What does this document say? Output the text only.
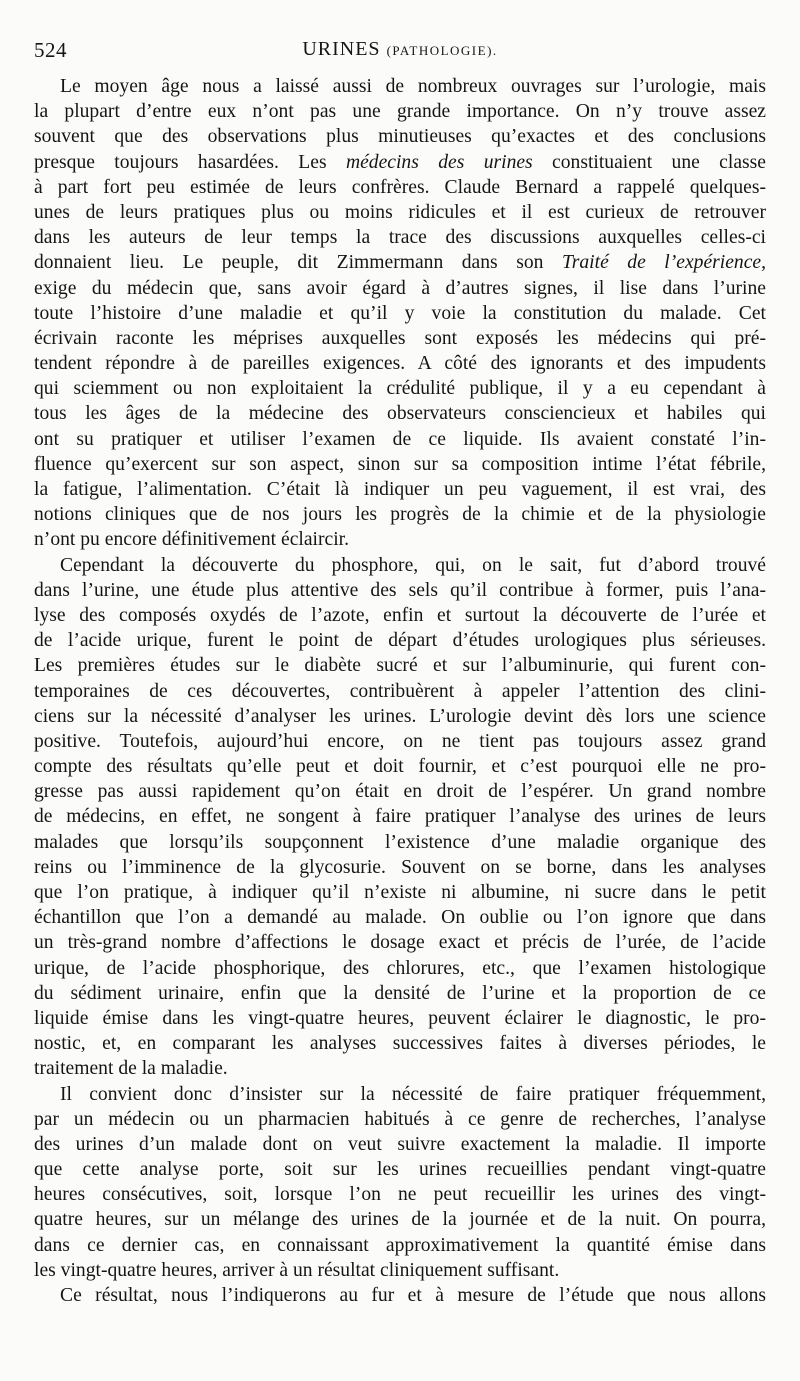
524	URINES (PATHOLOGIE).
Le moyen âge nous a laissé aussi de nombreux ouvrages sur l’urologie, mais
la plupart d’entre eux n’ont pas une grande importance. On n’y trouve assez
souvent que des observations plus minutieuses qu’exactes et des conclusions
presque toujours hasardées. Les médecins des urines constituaient une classe
à part fort peu estimée de leurs confrères. Claude Bernard a rappelé quelques-
unes de leurs pratiques plus ou moins ridicules et il est curieux de retrouver
dans les auteurs de leur temps la trace des discussions auxquelles celles-ci
donnaient lieu. Le peuple, dit Zimmermann dans son Traité de l’expérience,
exige du médecin que, sans avoir égard à d’autres signes, il lise dans l’urine
toute l’histoire d’une maladie et qu’il y voie la constitution du malade. Cet
écrivain raconte les méprises auxquelles sont exposés les médecins qui pré-
tendent répondre à de pareilles exigences. A côté des ignorants et des impudents
qui sciemment ou non exploitaient la crédulité publique, il y a eu cependant à
tous les âges de la médecine des observateurs consciencieux et habiles qui
ont su pratiquer et utiliser l’examen de ce liquide. Ils avaient constaté l’in-
fluence qu’exercent sur son aspect, sinon sur sa composition intime l’état fébrile,
la fatigue, l’alimentation. C’était là indiquer un peu vaguement, il est vrai, des
notions cliniques que de nos jours les progrès de la chimie et de la physiologie
n’ont pu encore définitivement éclaircir.
Cependant la découverte du phosphore, qui, on le sait, fut d’abord trouvé
dans l’urine, une étude plus attentive des sels qu’il contribue à former, puis l’ana-
lyse des composés oxydés de l’azote, enfin et surtout la découverte de l’urée et
de l’acide urique, furent le point de départ d’études urologiques plus sérieuses.
Les premières études sur le diabète sucré et sur l’albuminurie, qui furent con-
temporaines de ces découvertes, contribuèrent à appeler l’attention des clini-
ciens sur la nécessité d’analyser les urines. L’urologie devint dès lors une science
positive. Toutefois, aujourd’hui encore, on ne tient pas toujours assez grand
compte des résultats qu’elle peut et doit fournir, et c’est pourquoi elle ne pro-
gresse pas aussi rapidement qu’on était en droit de l’espérer. Un grand nombre
de médecins, en effet, ne songent à faire pratiquer l’analyse des urines de leurs
malades que lorsqu’ils soupçonnent l’existence d’une maladie organique des
reins ou l’imminence de la glycosurie. Souvent on se borne, dans les analyses
que l’on pratique, à indiquer qu’il n’existe ni albumine, ni sucre dans le petit
échantillon que l’on a demandé au malade. On oublie ou l’on ignore que dans
un très-grand nombre d’affections le dosage exact et précis de l’urée, de l’acide
urique, de l’acide phosphorique, des chlorures, etc., que l’examen histologique
du sédiment urinaire, enfin que la densité de l’urine et la proportion de ce
liquide émise dans les vingt-quatre heures, peuvent éclairer le diagnostic, le pro-
nostic, et, en comparant les analyses successives faites à diverses périodes, le
traitement de la maladie.
Il convient donc d’insister sur la nécessité de faire pratiquer fréquemment,
par un médecin ou un pharmacien habitués à ce genre de recherches, l’analyse
des urines d’un malade dont on veut suivre exactement la maladie. Il importe
que cette analyse porte, soit sur les urines recueillies pendant vingt-quatre
heures consécutives, soit, lorsque l’on ne peut recueillir les urines des vingt-
quatre heures, sur un mélange des urines de la journée et de la nuit. On pourra,
dans ce dernier cas, en connaissant approximativement la quantité émise dans
les vingt-quatre heures, arriver à un résultat cliniquement suffisant.
Ce résultat, nous l’indiquerons au fur et à mesure de l’étude que nous allons
